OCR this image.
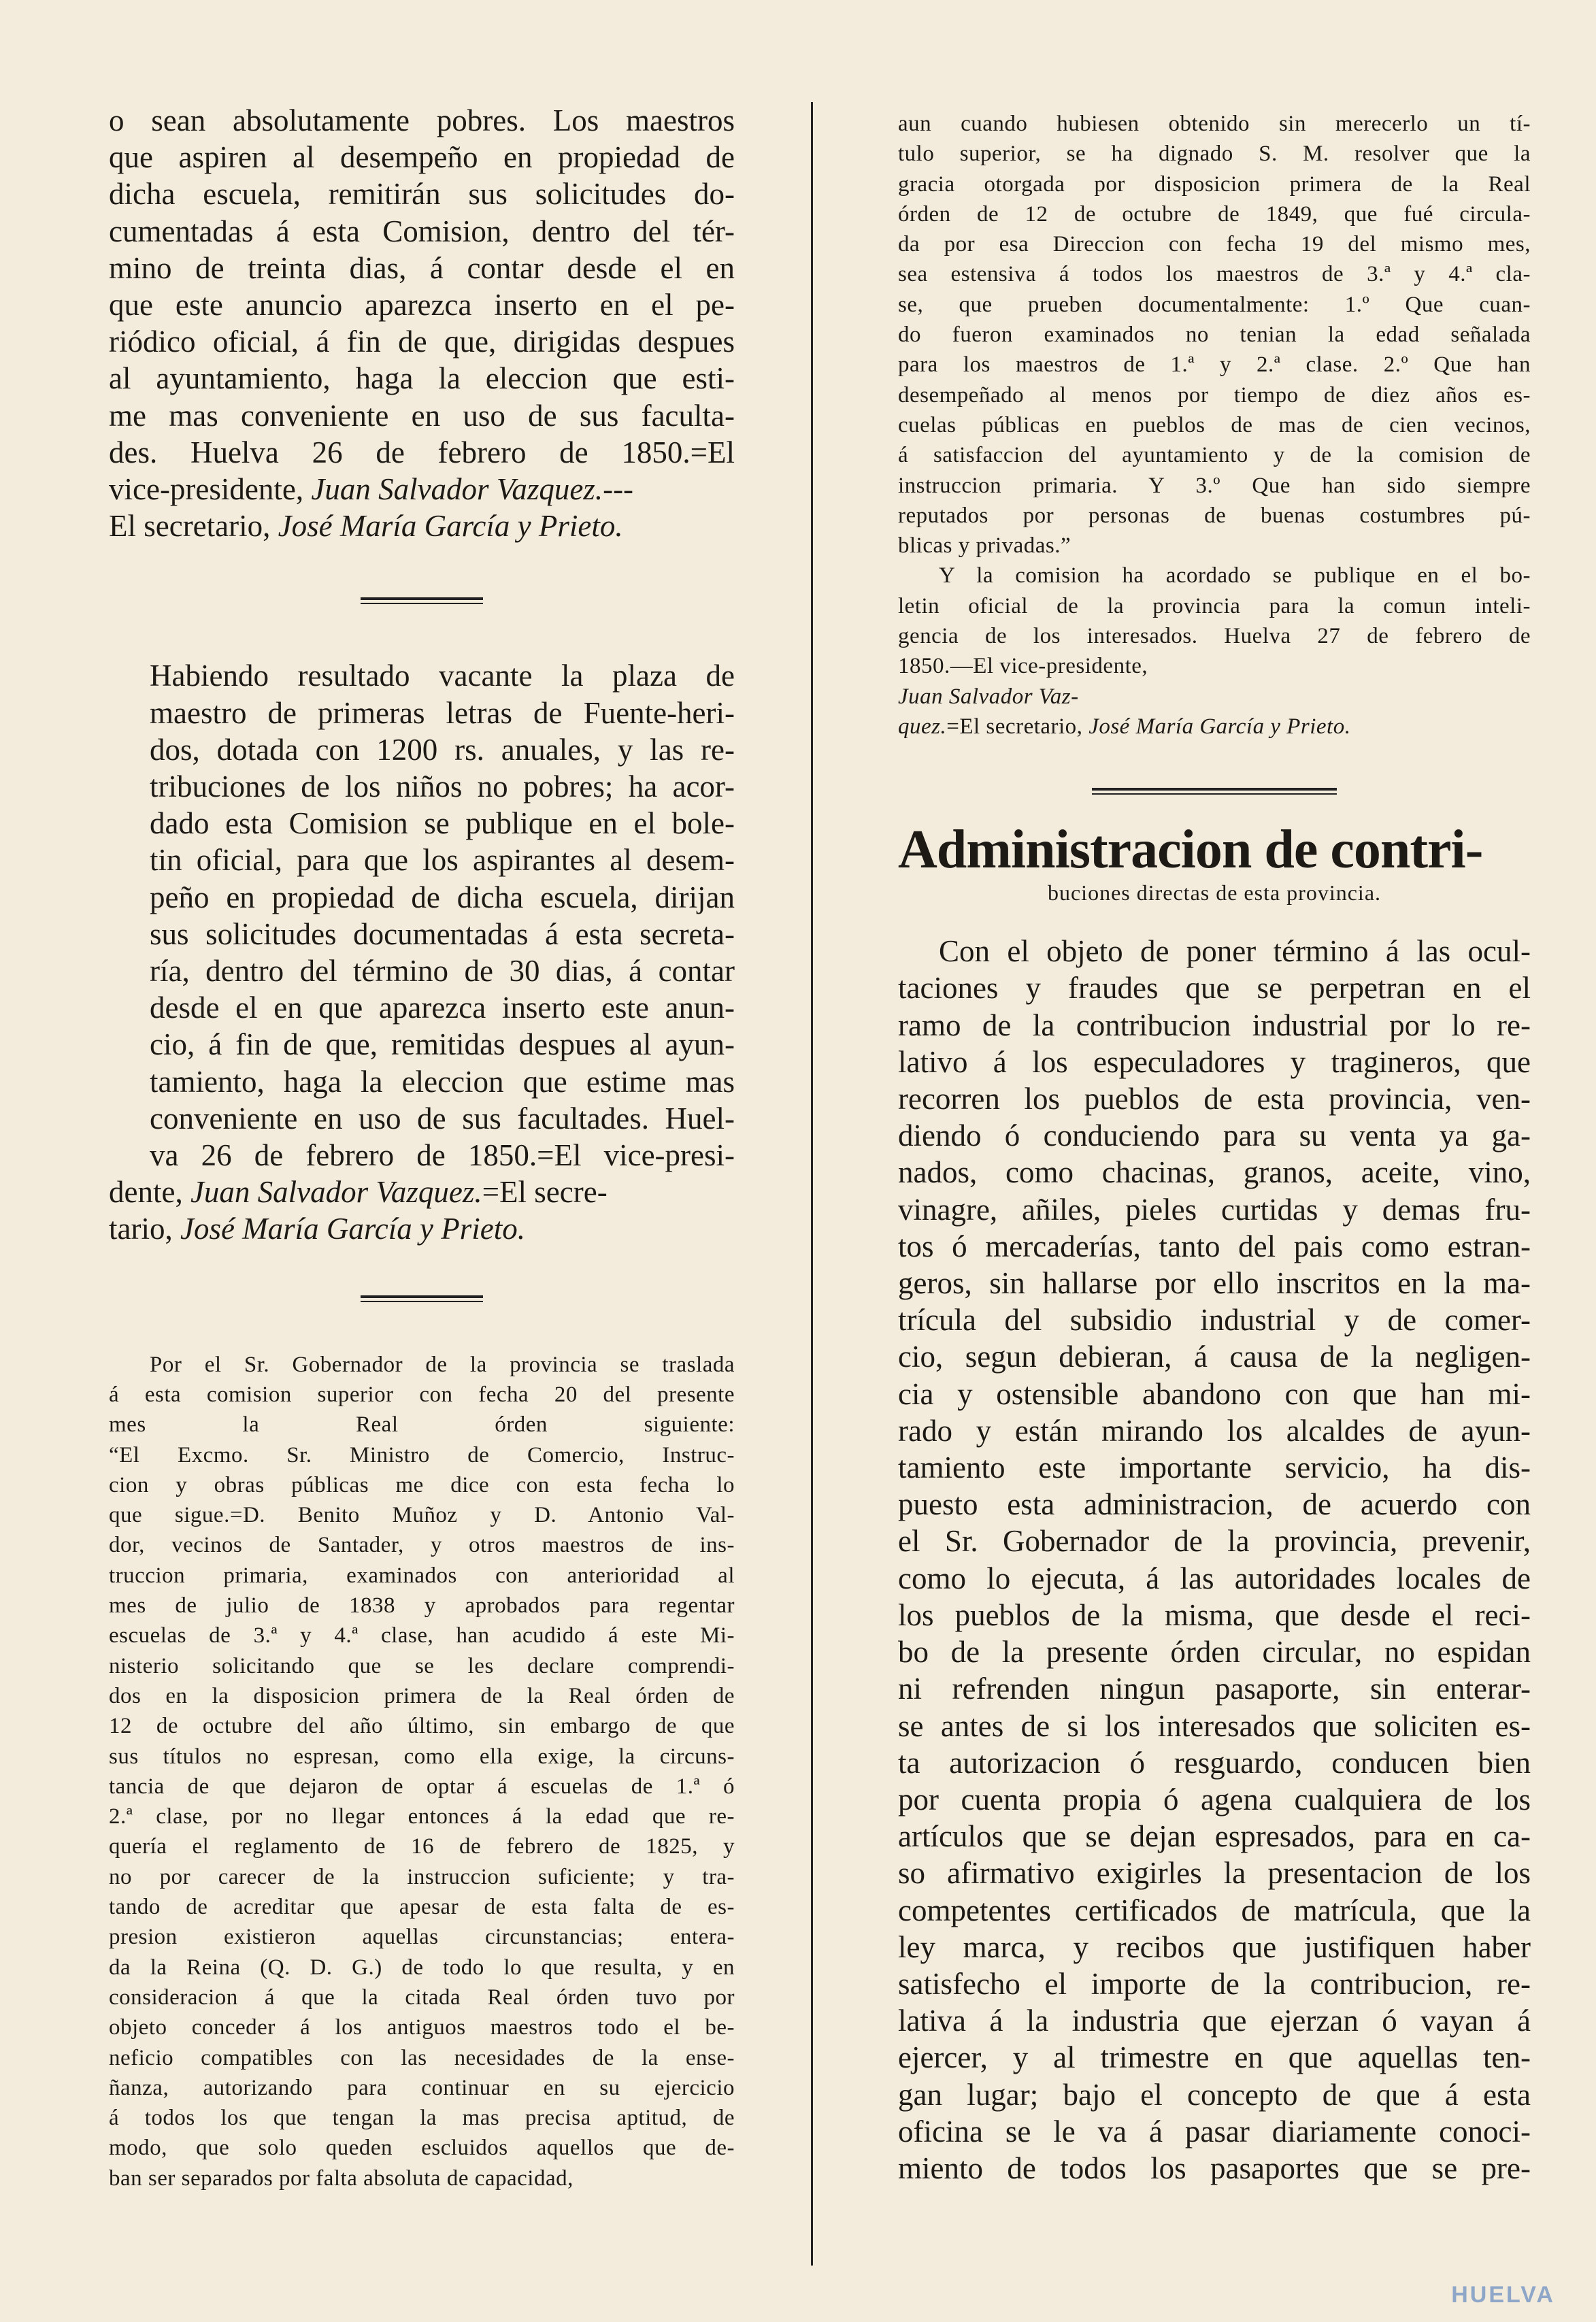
o sean absolutamente pobres. Los maestros
que aspiren al desempeño en propiedad de
dicha escuela, remitirán sus solicitudes do-
cumentadas á esta Comision, dentro del tér-
mino de treinta dias, á contar desde el en
que este anuncio aparezca inserto en el pe-
riódico oficial, á fin de que, dirigidas despues
al ayuntamiento, haga la eleccion que esti-
me mas conveniente en uso de sus faculta-
des. Huelva 26 de febrero de 1850.=El
vice-presidente, Juan Salvador Vazquez.---
El secretario, José María García y Prieto.
Habiendo resultado vacante la plaza de
maestro de primeras letras de Fuente-heri-
dos, dotada con 1200 rs. anuales, y las re-
tribuciones de los niños no pobres; ha acor-
dado esta Comision se publique en el bole-
tin oficial, para que los aspirantes al desem-
peño en propiedad de dicha escuela, dirijan
sus solicitudes documentadas á esta secreta-
ría, dentro del término de 30 dias, á contar
desde el en que aparezca inserto este anun-
cio, á fin de que, remitidas despues al ayun-
tamiento, haga la eleccion que estime mas
conveniente en uso de sus facultades. Huel-
va 26 de febrero de 1850.=El vice-presi-
dente, Juan Salvador Vazquez.=El secre-
tario, José María García y Prieto.
Por el Sr. Gobernador de la provincia se traslada
á esta comision superior con fecha 20 del presente
mes la Real órden siguiente:
“El Excmo. Sr. Ministro de Comercio, Instruc-
cion y obras públicas me dice con esta fecha lo
que sigue.=D. Benito Muñoz y D. Antonio Val-
dor, vecinos de Santader, y otros maestros de ins-
truccion primaria, examinados con anterioridad al
mes de julio de 1838 y aprobados para regentar
escuelas de 3.ª y 4.ª clase, han acudido á este Mi-
nisterio solicitando que se les declare comprendi-
dos en la disposicion primera de la Real órden de
12 de octubre del año último, sin embargo de que
sus títulos no espresan, como ella exige, la circuns-
tancia de que dejaron de optar á escuelas de 1.ª ó
2.ª clase, por no llegar entonces á la edad que re-
quería el reglamento de 16 de febrero de 1825, y
no por carecer de la instruccion suficiente; y tra-
tando de acreditar que apesar de esta falta de es-
presion existieron aquellas circunstancias; entera-
da la Reina (Q. D. G.) de todo lo que resulta, y en
consideracion á que la citada Real órden tuvo por
objeto conceder á los antiguos maestros todo el be-
neficio compatibles con las necesidades de la ense-
ñanza, autorizando para continuar en su ejercicio
á todos los que tengan la mas precisa aptitud, de
modo, que solo queden escluidos aquellos que de-
ban ser separados por falta absoluta de capacidad,
aun cuando hubiesen obtenido sin merecerlo un tí-
tulo superior, se ha dignado S. M. resolver que la
gracia otorgada por disposicion primera de la Real
órden de 12 de octubre de 1849, que fué circula-
da por esa Direccion con fecha 19 del mismo mes,
sea estensiva á todos los maestros de 3.ª y 4.ª cla-
se, que prueben documentalmente: 1.º Que cuan-
do fueron examinados no tenian la edad señalada
para los maestros de 1.ª y 2.ª clase. 2.º Que han
desempeñado al menos por tiempo de diez años es-
cuelas públicas en pueblos de mas de cien vecinos,
á satisfaccion del ayuntamiento y de la comision de
instruccion primaria. Y 3.º Que han sido siempre
reputados por personas de buenas costumbres pú-
blicas y privadas.”
Y la comision ha acordado se publique en el bo-
letin oficial de la provincia para la comun inteli-
gencia de los interesados. Huelva 27 de febrero de
1850.—El vice-presidente,
Juan Salvador Vaz-
quez.=El secretario, José María García y Prieto.
Administracion de contri-

buciones directas de esta provincia.

Con el objeto de poner término á las ocul-
taciones y fraudes que se perpetran en el
ramo de la contribucion industrial por lo re-
lativo á los especuladores y tragineros, que
recorren los pueblos de esta provincia, ven-
diendo ó conduciendo para su venta ya ga-
nados, como chacinas, granos, aceite, vino,
vinagre, añiles, pieles curtidas y demas fru-
tos ó mercaderías, tanto del pais como estran-
geros, sin hallarse por ello inscritos en la ma-
trícula del subsidio industrial y de comer-
cio, segun debieran, á causa de la negligen-
cia y ostensible abandono con que han mi-
rado y están mirando los alcaldes de ayun-
tamiento este importante servicio, ha dis-
puesto esta administracion, de acuerdo con
el Sr. Gobernador de la provincia, prevenir,
como lo ejecuta, á las autoridades locales de
los pueblos de la misma, que desde el reci-
bo de la presente órden circular, no espidan
ni refrenden ningun pasaporte, sin enterar-
se antes de si los interesados que soliciten es-
ta autorizacion ó resguardo, conducen bien
por cuenta propia ó agena cualquiera de los
artículos que se dejan espresados, para en ca-
so afirmativo exigirles la presentacion de los
competentes certificados de matrícula, que la
ley marca, y recibos que justifiquen haber
satisfecho el importe de la contribucion, re-
lativa á la industria que ejerzan ó vayan á
ejercer, y al trimestre en que aquellas ten-
gan lugar; bajo el concepto de que á esta
oficina se le va á pasar diariamente conoci-
miento de todos los pasaportes que se pre-
HUELVA
